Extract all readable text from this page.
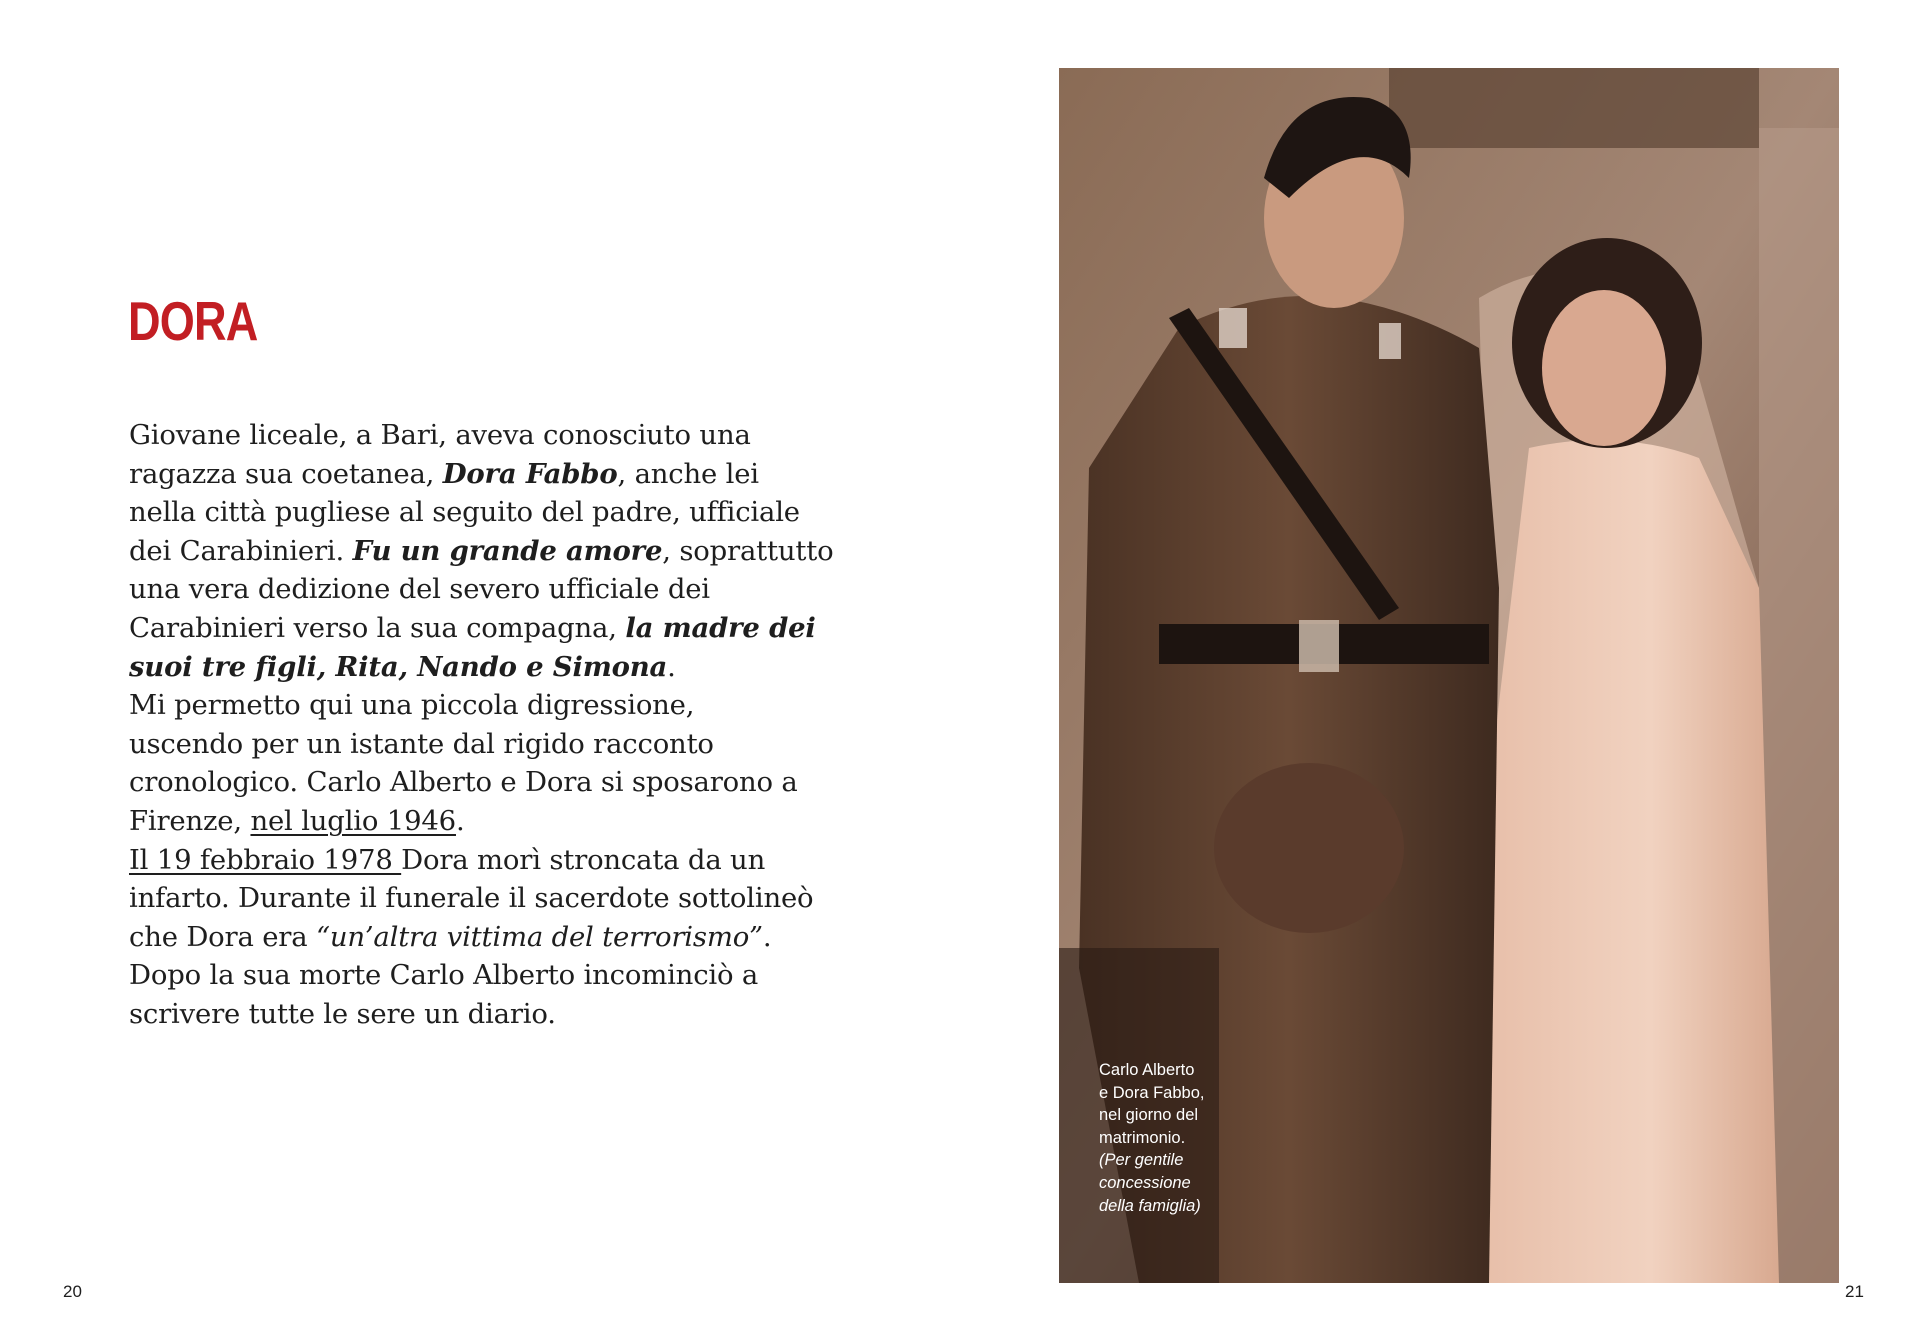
DORA
Giovane liceale, a Bari, aveva conosciuto una
ragazza sua coetanea, Dora Fabbo, anche lei
nella città pugliese al seguito del padre, ufficiale
dei Carabinieri. Fu un grande amore, soprattutto
una vera dedizione del severo ufficiale dei
Carabinieri verso la sua compagna, la madre dei
suoi tre figli, Rita, Nando e Simona.
Mi permetto qui una piccola digressione,
uscendo per un istante dal rigido racconto
cronologico. Carlo Alberto e Dora si sposarono a
Firenze, nel luglio 1946.
Il 19 febbraio 1978 Dora morì stroncata da un
infarto. Durante il funerale il sacerdote sottolineò
che Dora era “un’altra vittima del terrorismo”.
Dopo la sua morte Carlo Alberto incominciò a
scrivere tutte le sere un diario.
Carlo Alberto
e Dora Fabbo,
nel giorno del
matrimonio.
(Per gentile
concessione
della famiglia)
20	21
